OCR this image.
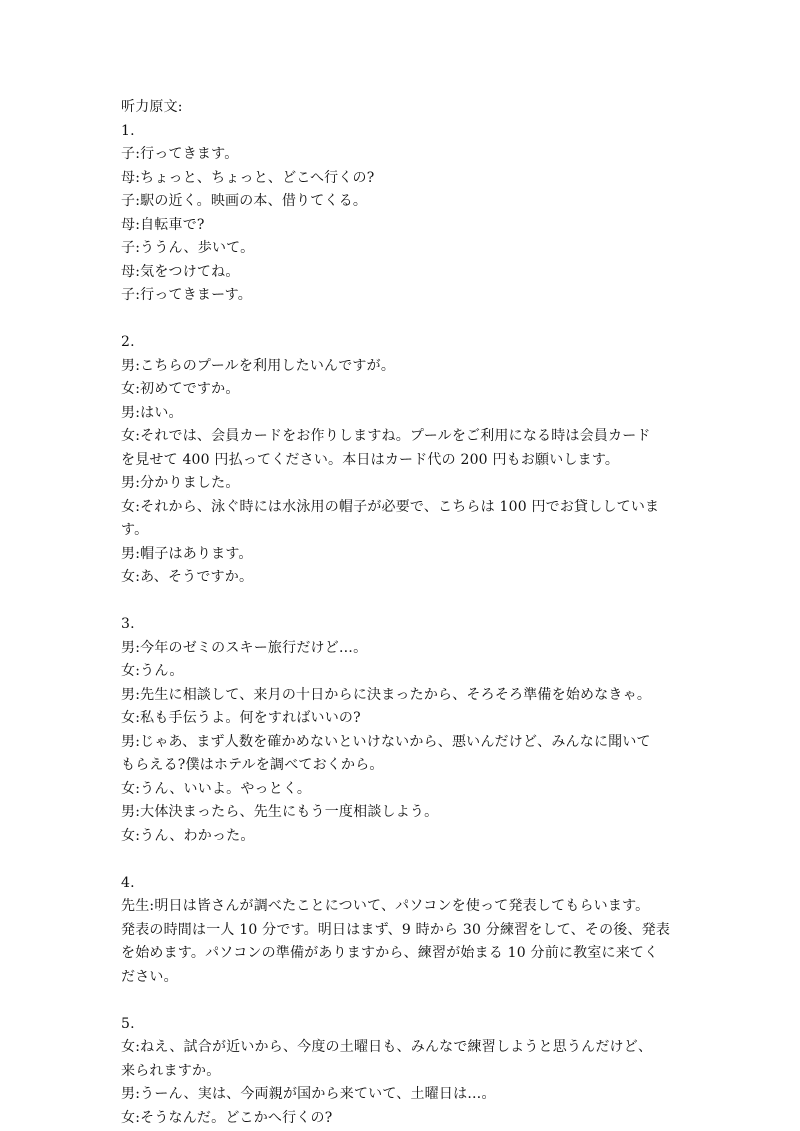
听力原文:
1.
子:行ってきます。
母:ちょっと、ちょっと、どこへ行くの?
子:駅の近く。映画の本、借りてくる。
母:自転車で?
子:ううん、歩いて。
母:気をつけてね。
子:行ってきまーす。
2.
男:こちらのプールを利用したいんですが。
女:初めてですか。
男:はい。
女:それでは、会員カードをお作りしますね。プールをご利用になる時は会員カード
を見せて 400 円払ってください。本日はカード代の 200 円もお願いします。
男:分かりました。
女:それから、泳ぐ時には水泳用の帽子が必要で、こちらは 100 円でお貸ししていま
す。
男:帽子はあります。
女:あ、そうですか。
3.
男:今年のゼミのスキー旅行だけど…。
女:うん。
男:先生に相談して、来月の十日からに決まったから、そろそろ準備を始めなきゃ。
女:私も手伝うよ。何をすればいいの?
男:じゃあ、まず人数を確かめないといけないから、悪いんだけど、みんなに聞いて
もらえる?僕はホテルを調べておくから。
女:うん、いいよ。やっとく。
男:大体決まったら、先生にもう一度相談しよう。
女:うん、わかった。
4.
先生:明日は皆さんが調べたことについて、パソコンを使って発表してもらいます。
発表の時間は一人 10 分です。明日はまず、9 時から 30 分練習をして、その後、発表
を始めます。パソコンの準備がありますから、練習が始まる 10 分前に教室に来てく
ださい。
5.
女:ねえ、試合が近いから、今度の土曜日も、みんなで練習しようと思うんだけど、
来られますか。
男:うーん、実は、今両親が国から来ていて、土曜日は…。
女:そうなんだ。どこかへ行くの?
